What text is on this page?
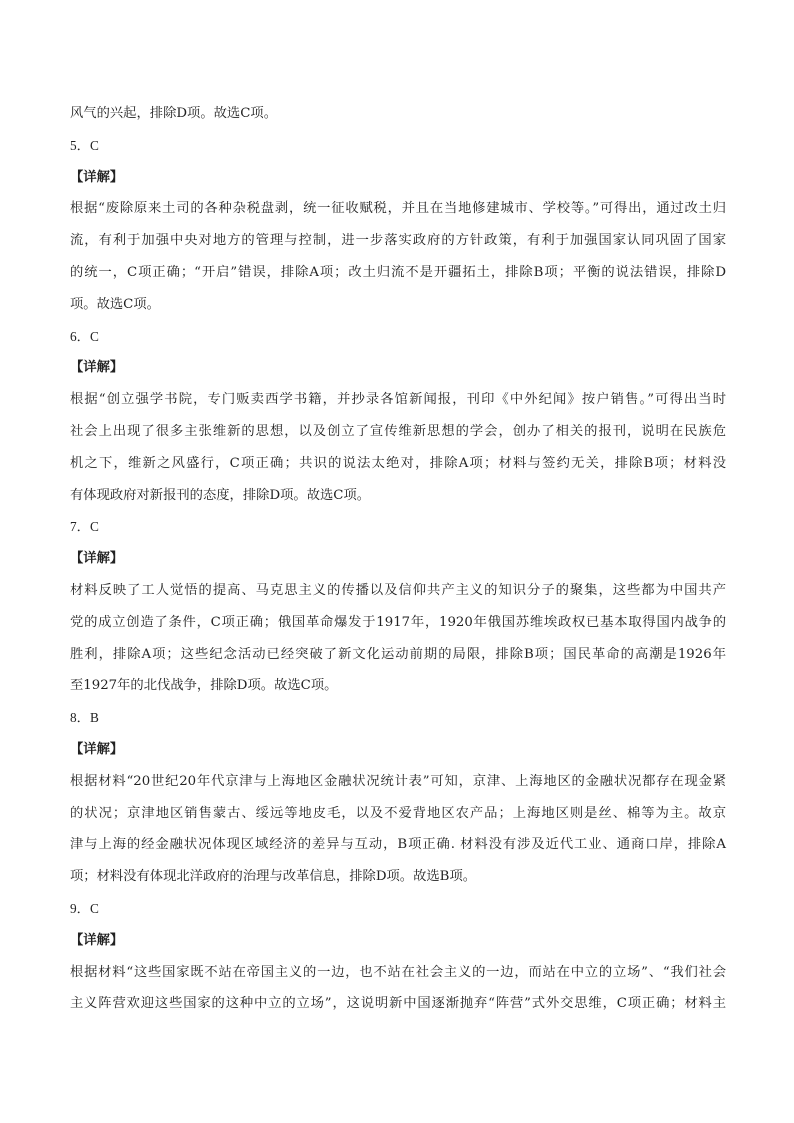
风气的兴起，排除D项。故选C项。
5．C
【详解】
根据“废除原来土司的各种杂税盘剥，统一征收赋税，并且在当地修建城市、学校等。”可得出，通过改土归
流，有利于加强中央对地方的管理与控制，进一步落实政府的方针政策，有利于加强国家认同巩固了国家
的统一，C项正确；“开启”错误，排除A项；改土归流不是开疆拓土，排除B项；平衡的说法错误，排除D
项。故选C项。
6．C
【详解】
根据“创立强学书院，专门贩卖西学书籍，并抄录各馆新闻报，刊印《中外纪闻》按户销售。”可得出当时
社会上出现了很多主张维新的思想，以及创立了宣传维新思想的学会，创办了相关的报刊，说明在民族危
机之下，维新之风盛行，C项正确；共识的说法太绝对，排除A项；材料与签约无关，排除B项；材料没
有体现政府对新报刊的态度，排除D项。故选C项。
7．C
【详解】
材料反映了工人觉悟的提高、马克思主义的传播以及信仰共产主义的知识分子的聚集，这些都为中国共产
党的成立创造了条件，C项正确；俄国革命爆发于1917年，1920年俄国苏维埃政权已基本取得国内战争的
胜利，排除A项；这些纪念活动已经突破了新文化运动前期的局限，排除B项；国民革命的高潮是1926年
至1927年的北伐战争，排除D项。故选C项。
8．B
【详解】
根据材料“20世纪20年代京津与上海地区金融状况统计表”可知，京津、上海地区的金融状况都存在现金紧
的状况；京津地区销售蒙古、绥远等地皮毛，以及不爱背地区农产品；上海地区则是丝、棉等为主。故京
津与上海的经金融状况体现区域经济的差异与互动，B项正确. 材料没有涉及近代工业、通商口岸，排除A
项；材料没有体现北洋政府的治理与改革信息，排除D项。故选B项。
9．C
【详解】
根据材料“这些国家既不站在帝国主义的一边，也不站在社会主义的一边，而站在中立的立场”、“我们社会
主义阵营欢迎这些国家的这种中立的立场”，这说明新中国逐渐抛弃“阵营”式外交思维，C项正确；材料主
